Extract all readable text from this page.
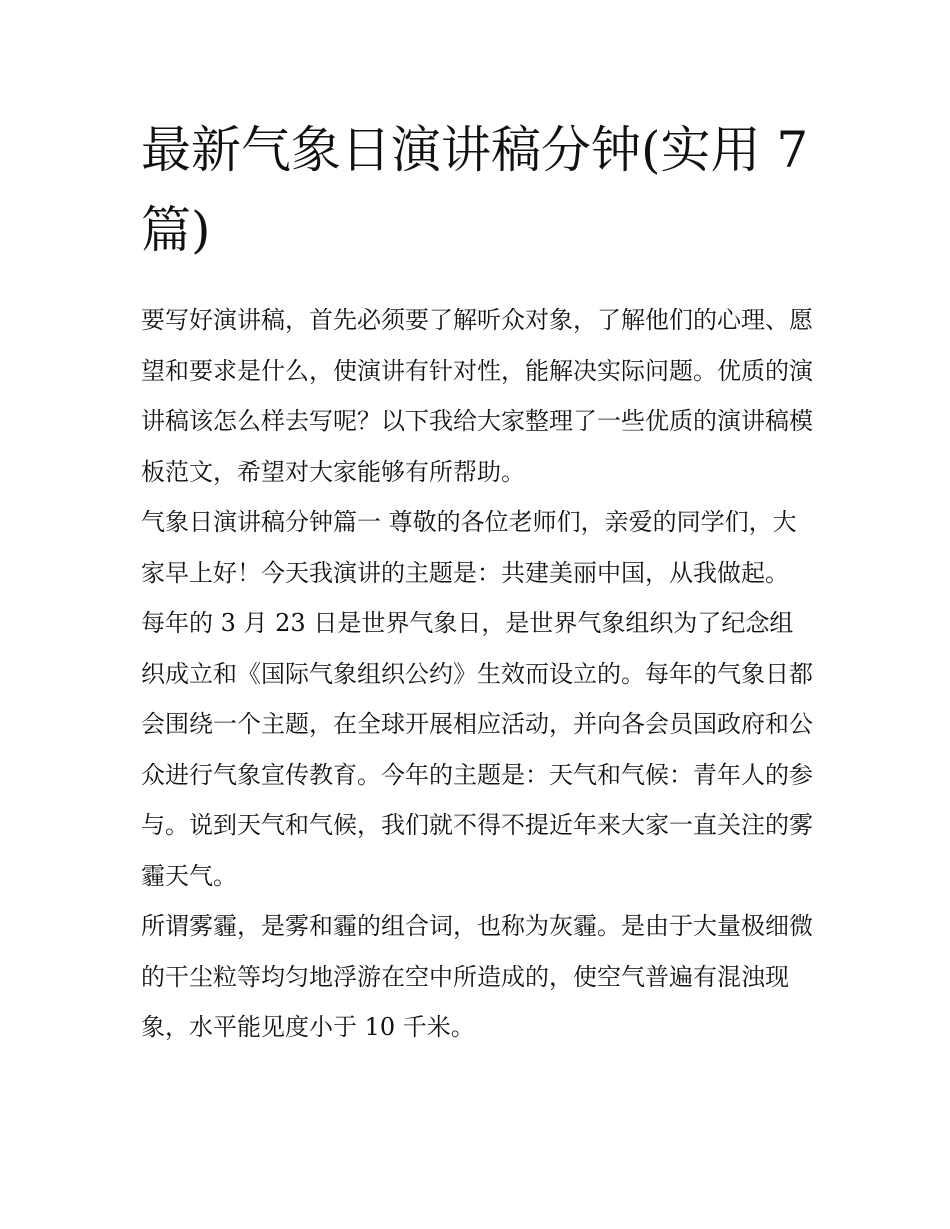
最新气象日演讲稿分钟(实用 7 篇)

要写好演讲稿，首先必须要了解听众对象，了解他们的心理、愿望和要求是什么，使演讲有针对性，能解决实际问题。优质的演讲稿该怎么样去写呢？以下我给大家整理了一些优质的演讲稿模板范文，希望对大家能够有所帮助。

气象日演讲稿分钟篇一 尊敬的各位老师们，亲爱的同学们，大家早上好！今天我演讲的主题是：共建美丽中国，从我做起。

每年的 3 月 23 日是世界气象日，是世界气象组织为了纪念组织成立和《国际气象组织公约》生效而设立的。每年的气象日都会围绕一个主题，在全球开展相应活动，并向各会员国政府和公众进行气象宣传教育。今年的主题是：天气和气候：青年人的参与。说到天气和气候，我们就不得不提近年来大家一直关注的雾霾天气。

所谓雾霾，是雾和霾的组合词，也称为灰霾。是由于大量极细微的干尘粒等均匀地浮游在空中所造成的，使空气普遍有混浊现象，水平能见度小于 10 千米。
